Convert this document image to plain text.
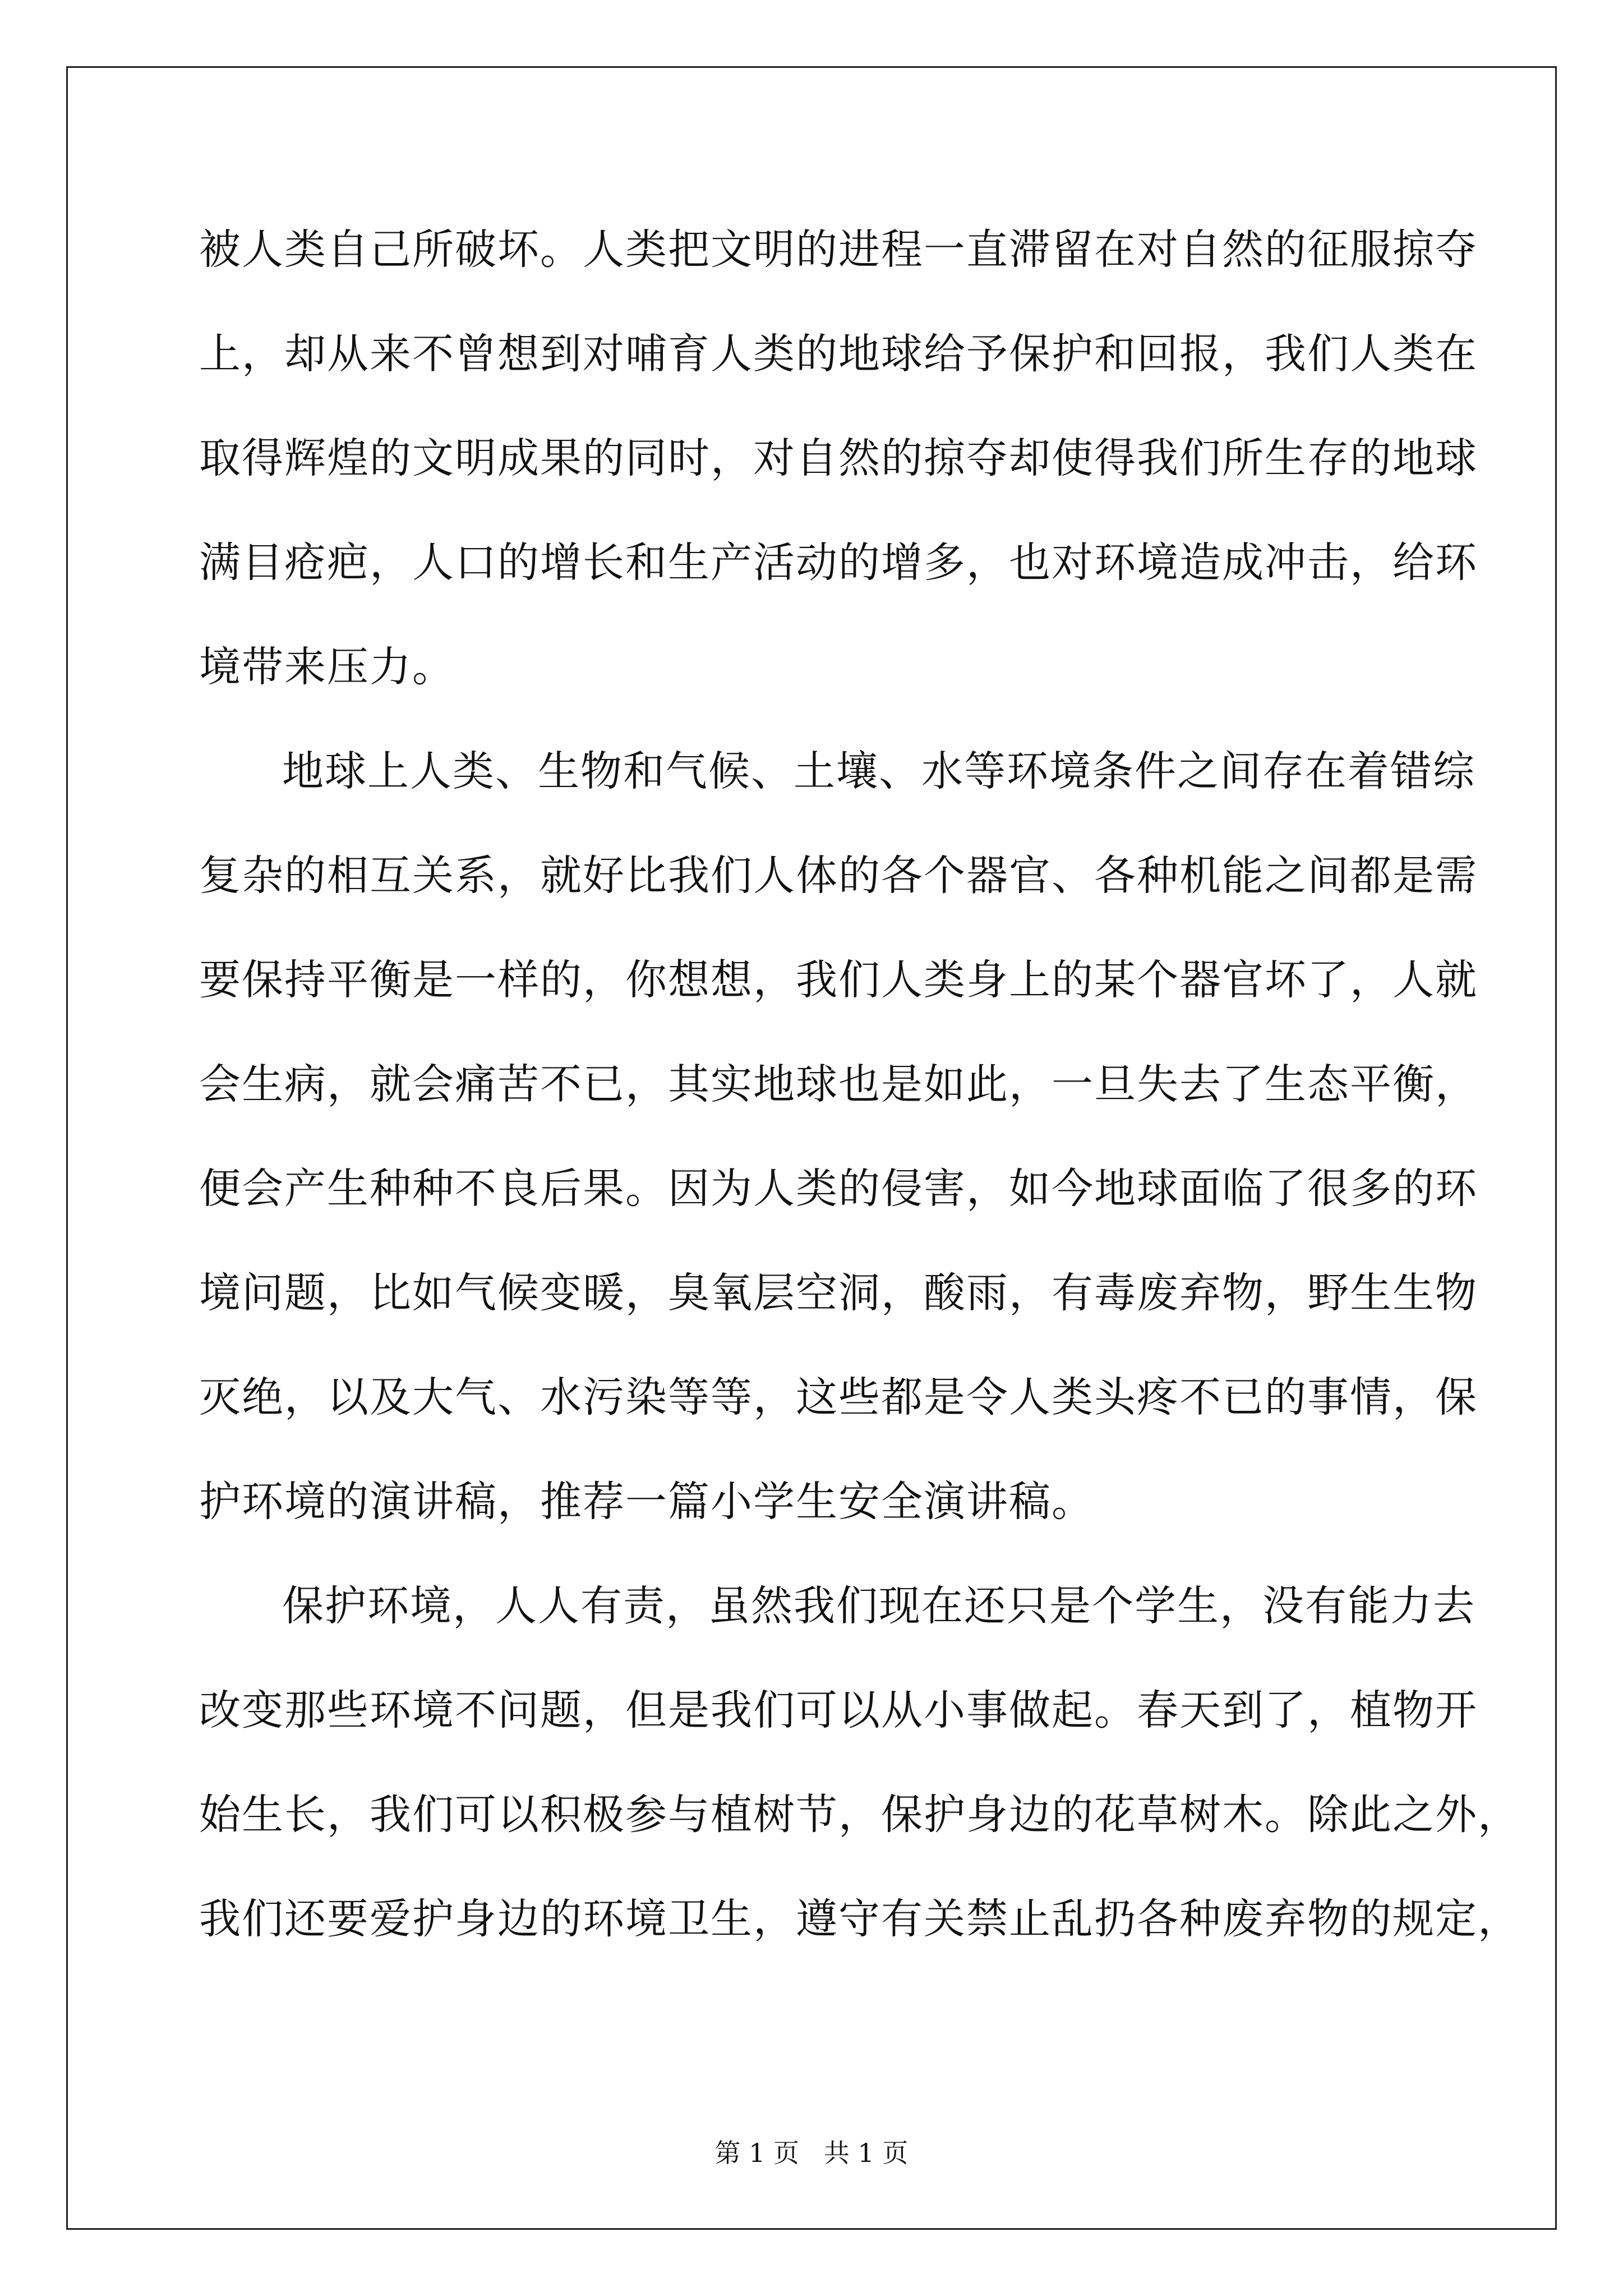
被人类自己所破坏。人类把文明的进程一直滞留在对自然的征服掠夺
上，却从来不曾想到对哺育人类的地球给予保护和回报，我们人类在
取得辉煌的文明成果的同时，对自然的掠夺却使得我们所生存的地球
满目疮疤，人口的增长和生产活动的增多，也对环境造成冲击，给环
境带来压力。
地球上人类、生物和气候、土壤、水等环境条件之间存在着错综
复杂的相互关系，就好比我们人体的各个器官、各种机能之间都是需
要保持平衡是一样的，你想想，我们人类身上的某个器官坏了，人就
会生病，就会痛苦不已，其实地球也是如此，一旦失去了生态平衡，
便会产生种种不良后果。因为人类的侵害，如今地球面临了很多的环
境问题，比如气候变暖，臭氧层空洞，酸雨，有毒废弃物，野生生物
灭绝，以及大气、水污染等等，这些都是令人类头疼不已的事情，保
护环境的演讲稿，推荐一篇小学生安全演讲稿。
保护环境，人人有责，虽然我们现在还只是个学生，没有能力去
改变那些环境不问题，但是我们可以从小事做起。春天到了，植物开
始生长，我们可以积极参与植树节，保护身边的花草树木。除此之外，
我们还要爱护身边的环境卫生，遵守有关禁止乱扔各种废弃物的规定，
第 1 页   共 1 页
